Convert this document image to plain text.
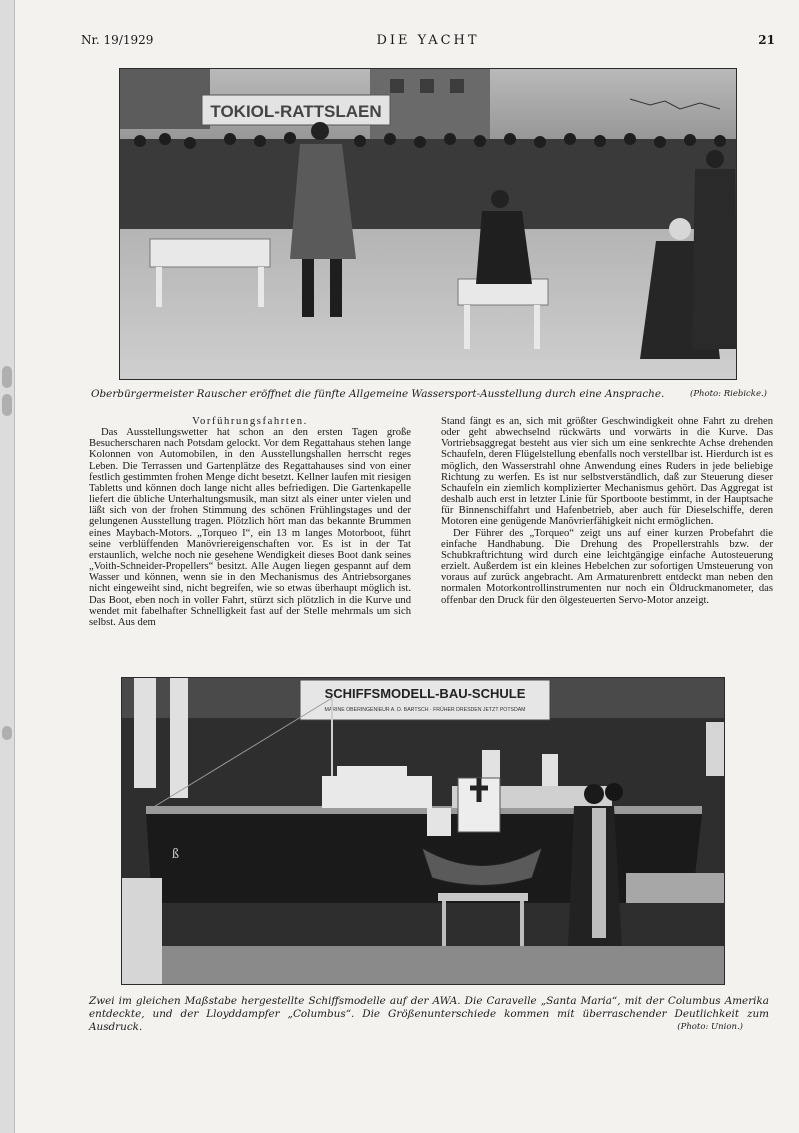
Nr. 19/1929	DIE YACHT	21
TOKIOL-RATTSLAEN
Oberbürgermeister Rauscher eröffnet die fünfte Allgemeine Wassersport-Ausstellung durch eine Ansprache.	(Photo: Riebicke.)
Vorführungsfahrten.

Das Ausstellungswetter hat schon an den ersten Tagen große Besucherscharen nach Potsdam gelockt. Vor dem Regattahaus stehen lange Kolonnen von Automobilen, in den Ausstellungshallen herrscht reges Leben. Die Terrassen und Gartenplätze des Regattahauses sind von einer festlich gestimmten frohen Menge dicht besetzt. Kellner laufen mit riesigen Tabletts und können doch lange nicht alles befriedigen. Die Gartenkapelle liefert die übliche Unterhaltungsmusik, man sitzt als einer unter vielen und läßt sich von der frohen Stimmung des schönen Frühlingstages und der gelungenen Ausstellung tragen. Plötzlich hört man das bekannte Brummen eines Maybach-Motors. „Torqueo I“, ein 13 m langes Motorboot, führt seine verblüffenden Manövriereigenschaften vor. Es ist in der Tat erstaunlich, welche noch nie gesehene Wendigkeit dieses Boot dank seines „Voith-Schneider-Propellers“ besitzt. Alle Augen liegen gespannt auf dem Wasser und können, wenn sie in den Mechanismus des Antriebsorganes nicht eingeweiht sind, nicht begreifen, wie so etwas überhaupt möglich ist. Das Boot, eben noch in voller Fahrt, stürzt sich plötzlich in die Kurve und wendet mit fabelhafter Schnelligkeit fast auf der Stelle mehrmals um sich selbst. Aus dem

Stand fängt es an, sich mit größter Geschwindigkeit ohne Fahrt zu drehen oder geht abwechselnd rückwärts und vorwärts in die Kurve. Das Vortriebsaggregat besteht aus vier sich um eine senkrechte Achse drehenden Schaufeln, deren Flügelstellung ebenfalls noch verstellbar ist. Hierdurch ist es möglich, den Wasserstrahl ohne Anwendung eines Ruders in jede beliebige Richtung zu werfen. Es ist nur selbstverständlich, daß zur Steuerung dieser Schaufeln ein ziemlich komplizierter Mechanismus gehört. Das Aggregat ist deshalb auch erst in letzter Linie für Sportboote bestimmt, in der Hauptsache für Binnenschiffahrt und Hafenbetrieb, aber auch für Dieselschiffe, deren Motoren eine genügende Manövrierfähigkeit nicht ermöglichen.

Der Führer des „Torqueo“ zeigt uns auf einer kurzen Probefahrt die einfache Handhabung. Die Drehung des Propellerstrahls bzw. der Schubkraftrichtung wird durch eine leichtgängige einfache Autosteuerung erzielt. Außerdem ist ein kleines Hebelchen zur sofortigen Umsteuerung von voraus auf zurück angebracht. Am Armaturenbrett entdeckt man neben den normalen Motorkontrollinstrumenten nur noch ein Öldruckmanometer, das offenbar den Druck für den ölgesteuerten Servo-Motor anzeigt.

SCHIFFSMODELL-BAU-SCHULE
MARINE OBERINGENIEUR A. D. BARTSCH · FRÜHER DRESDEN JETZT POTSDAM
ß
Zwei im gleichen Maßstabe hergestellte Schiffsmodelle auf der AWA. Die Caravelle „Santa Maria“, mit der Columbus Amerika entdeckte, und der Lloyddampfer „Columbus“. Die Größenunterschiede kommen mit überraschender Deutlichkeit zum Ausdruck.	(Photo: Union.)
